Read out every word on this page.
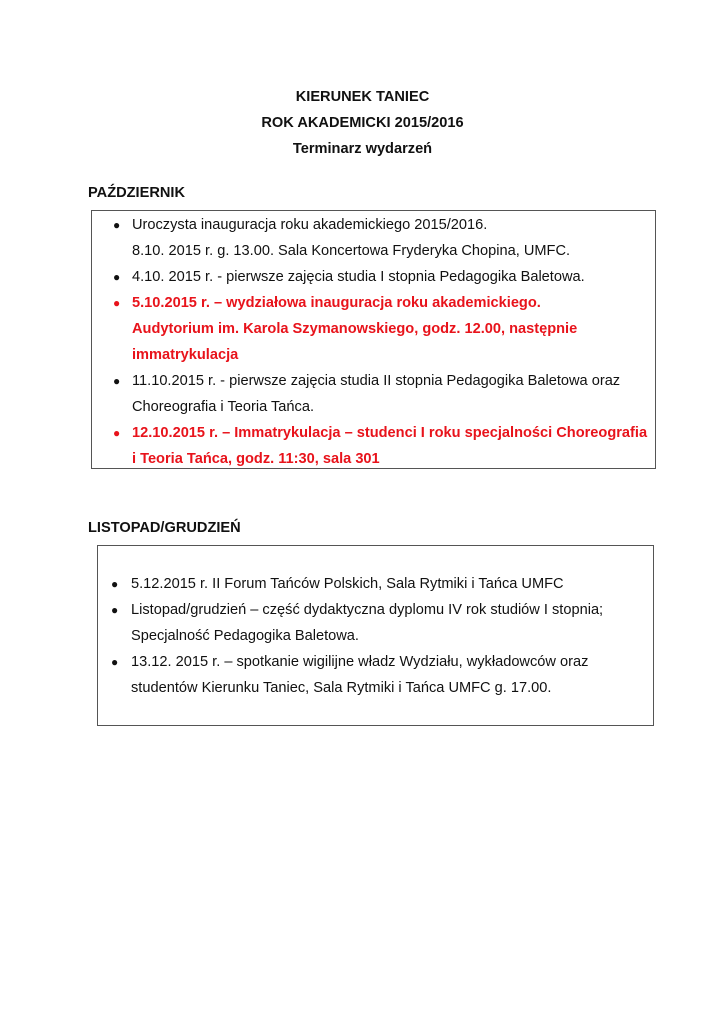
KIERUNEK TANIEC
ROK AKADEMICKI 2015/2016
Terminarz wydarzeń
PAŹDZIERNIK
● Uroczysta inauguracja roku akademickiego 2015/2016.
8.10. 2015 r. g. 13.00. Sala Koncertowa Fryderyka Chopina, UMFC.
● 4.10. 2015 r. - pierwsze zajęcia studia I stopnia Pedagogika Baletowa.
● 5.10.2015 r. – wydziałowa inauguracja roku akademickiego.
Audytorium im. Karola Szymanowskiego, godz. 12.00, następnie
immatrykulacja
● 11.10.2015 r. - pierwsze zajęcia studia II stopnia Pedagogika Baletowa oraz
Choreografia i Teoria Tańca.
● 12.10.2015 r. – Immatrykulacja – studenci I roku specjalności Choreografia
i Teoria Tańca, godz. 11:30, sala 301
LISTOPAD/GRUDZIEŃ
● 5.12.2015 r. II Forum Tańców Polskich, Sala Rytmiki i Tańca UMFC
● Listopad/grudzień – część dydaktyczna dyplomu IV rok studiów I stopnia;
Specjalność Pedagogika Baletowa.
● 13.12. 2015 r. – spotkanie wigilijne władz Wydziału, wykładowców oraz
studentów Kierunku Taniec, Sala Rytmiki i Tańca UMFC g. 17.00.
